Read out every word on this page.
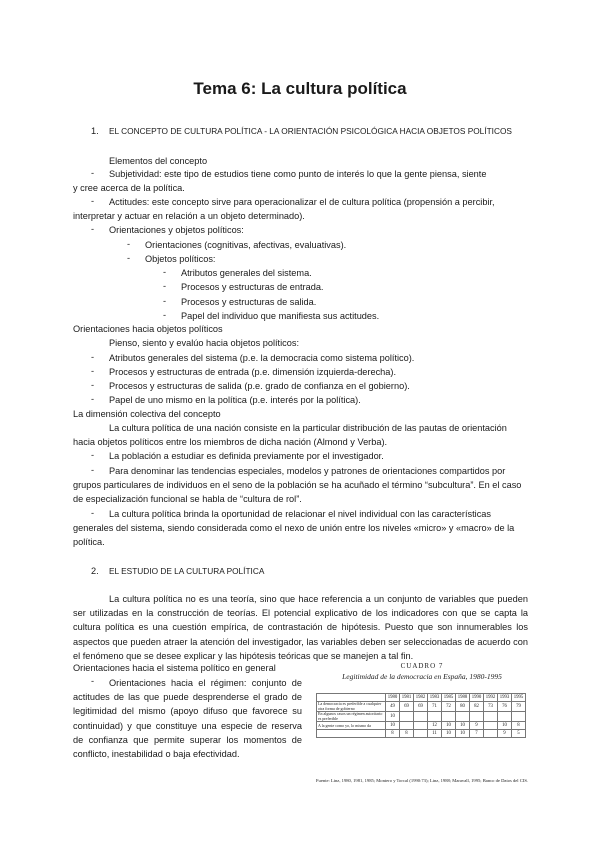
Tema 6: La cultura política
1. EL CONCEPTO DE CULTURA POLÍTICA - LA ORIENTACIÓN PSICOLÓGICA HACIA OBJETOS POLÍTICOS
Elementos del concepto
- Subjetividad: este tipo de estudios tiene como punto de interés lo que la gente piensa, siente
y cree acerca de la política.
- Actitudes: este concepto sirve para operacionalizar el de cultura política (propensión a percibir,
interpretar y actuar en relación a un objeto determinado).
- Orientaciones y objetos políticos:
- Orientaciones (cognitivas, afectivas, evaluativas).
- Objetos políticos:
- Atributos generales del sistema.
- Procesos y estructuras de entrada.
- Procesos y estructuras de salida.
- Papel del individuo que manifiesta sus actitudes.
Orientaciones hacia objetos políticos
Pienso, siento y evalúo hacia objetos políticos:
- Atributos generales del sistema (p.e. la democracia como sistema político).
- Procesos y estructuras de entrada (p.e. dimensión izquierda-derecha).
- Procesos y estructuras de salida (p.e. grado de confianza en el gobierno).
- Papel de uno mismo en la política (p.e. interés por la política).
La dimensión colectiva del concepto
La cultura política de una nación consiste en la particular distribución de las pautas de orientación
hacia objetos políticos entre los miembros de dicha nación (Almond y Verba).
- La población a estudiar es definida previamente por el investigador.
- Para denominar las tendencias especiales, modelos y patrones de orientaciones compartidos por
grupos particulares de individuos en el seno de la población se ha acuñado el término “subcultura”. En el caso
de especialización funcional se habla de “cultura de rol”.
- La cultura política brinda la oportunidad de relacionar el nivel individual con las características
generales del sistema, siendo considerada como el nexo de unión entre los niveles «micro» y «macro» de la
política.
2. EL ESTUDIO DE LA CULTURA POLÍTICA

La cultura política no es una teoría, sino que hace referencia a un conjunto de variables que pueden ser utilizadas en la construcción de teorías. El potencial explicativo de los indicadores con que se capta la cultura política es una cuestión empírica, de contrastación de hipótesis. Puesto que son innumerables los aspectos que pueden atraer la atención del investigador, las variables deben ser seleccionadas de acuerdo con el fenómeno que se desee explicar y las hipótesis teóricas que se manejen a tal fin.

Orientaciones hacia el sistema político en general
-	Orientaciones hacia el régimen: conjunto de actitudes de las que puede desprenderse el grado de legitimidad del mismo (apoyo difuso que favorece su continuidad) y que constituye una especie de reserva de confianza que permite superar los momentos de conflicto, inestabilidad o baja efectividad.

CUADRO 7
Legitimidad de la democracia en España, 1980-1995
	1980	1981	1982	1983	1985	1988	1990	1992	1993	1995
La democracia es preferible a cualquier otra forma de gobierno	49	69	69	71	72	80	82	73	76	79
En algunos casos un régimen autoritario es preferible	10									
A la gente como yo, lo mismo da	10			12	10	10	9		10	8
	8	8		11	10	10	7		9	5
Fuente: Linz, 1980, 1981, 1985; Montero y Torcal (1990:73); Linz, 1988; Maravall, 1995; Banco de Datos del CIS.
